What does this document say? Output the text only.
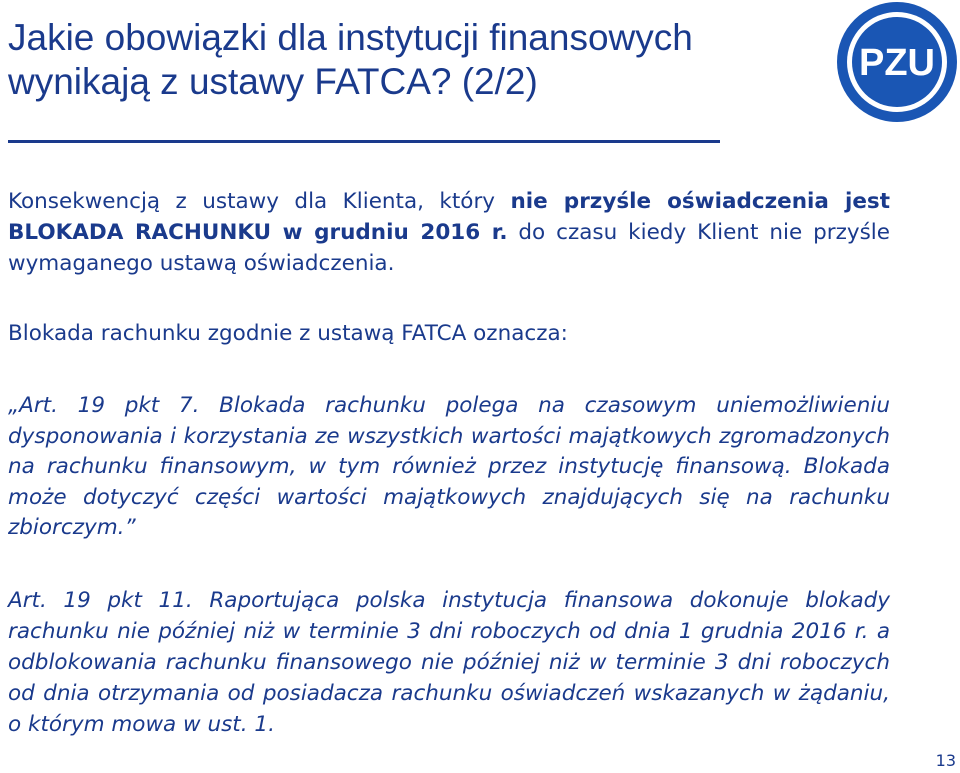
Jakie obowiązki dla instytucji finansowych
wynikają z ustawy FATCA? (2/2)	PZU

Konsekwencją z ustawy dla Klienta, który nie przyśle oświadczenia jest BLOKADA RACHUNKU w grudniu 2016 r. do czasu kiedy Klient nie przyśle wymaganego ustawą oświadczenia.

Blokada rachunku zgodnie z ustawą FATCA oznacza:

„Art. 19 pkt 7. Blokada rachunku polega na czasowym uniemożliwieniu dysponowania i korzystania ze wszystkich wartości majątkowych zgromadzonych na rachunku finansowym, w tym również przez instytucję finansową. Blokada może dotyczyć części wartości majątkowych znajdujących się na rachunku zbiorczym.”

Art. 19 pkt 11. Raportująca polska instytucja finansowa dokonuje blokady rachunku nie później niż w terminie 3 dni roboczych od dnia 1 grudnia 2016 r. a odblokowania rachunku finansowego nie później niż w terminie 3 dni roboczych od dnia otrzymania od posiadacza rachunku oświadczeń wskazanych w żądaniu, o którym mowa w ust. 1.

13
